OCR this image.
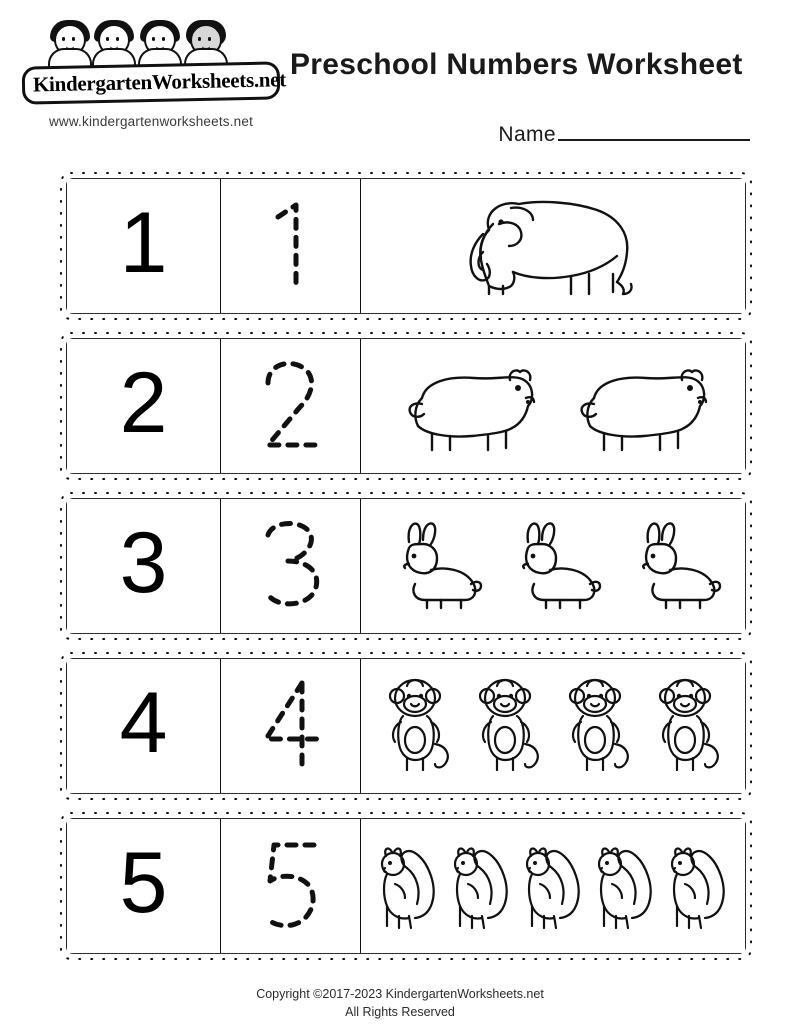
KindergartenWorksheets.net
www.kindergartenworksheets.net
Preschool Numbers Worksheet
Name
1
2
3
4
5
Copyright ©2017-2023 KindergartenWorksheets.net
All Rights Reserved
